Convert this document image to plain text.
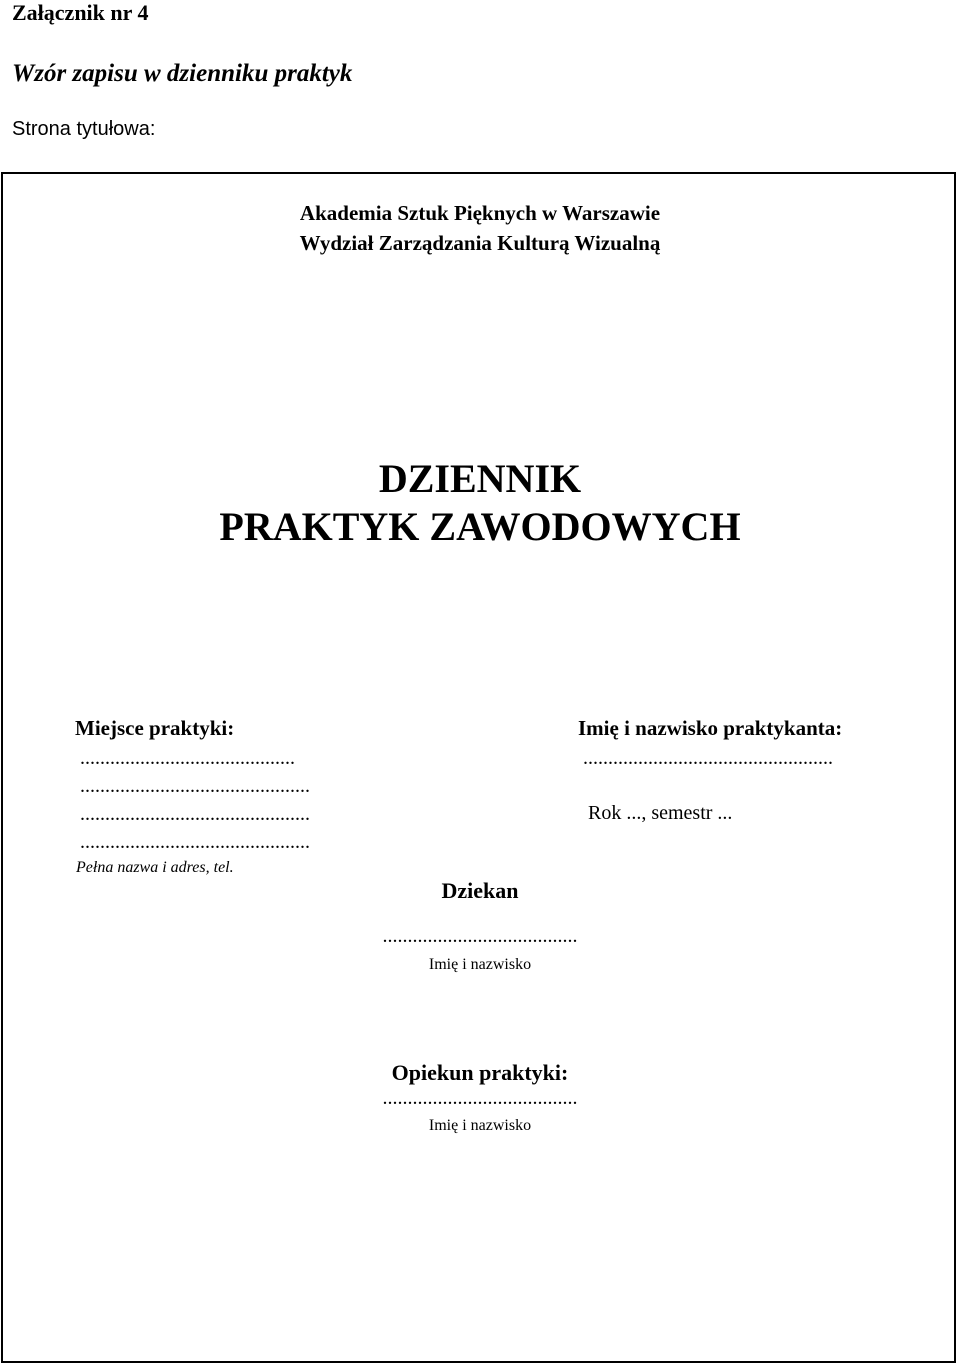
Załącznik nr 4
Wzór zapisu w dzienniku praktyk
Strona tytułowa:
Akademia Sztuk Pięknych w Warszawie
Wydział Zarządzania Kulturą Wizualną
DZIENNIK
PRAKTYK ZAWODOWYCH
Miejsce praktyki:
...........................................
..............................................
..............................................
..............................................
Pełna nazwa i adres, tel.
Imię i nazwisko praktykanta:
..................................................
Rok ..., semestr ...
Dziekan
.......................................
Imię i nazwisko
Opiekun praktyki:
.......................................
Imię i nazwisko
